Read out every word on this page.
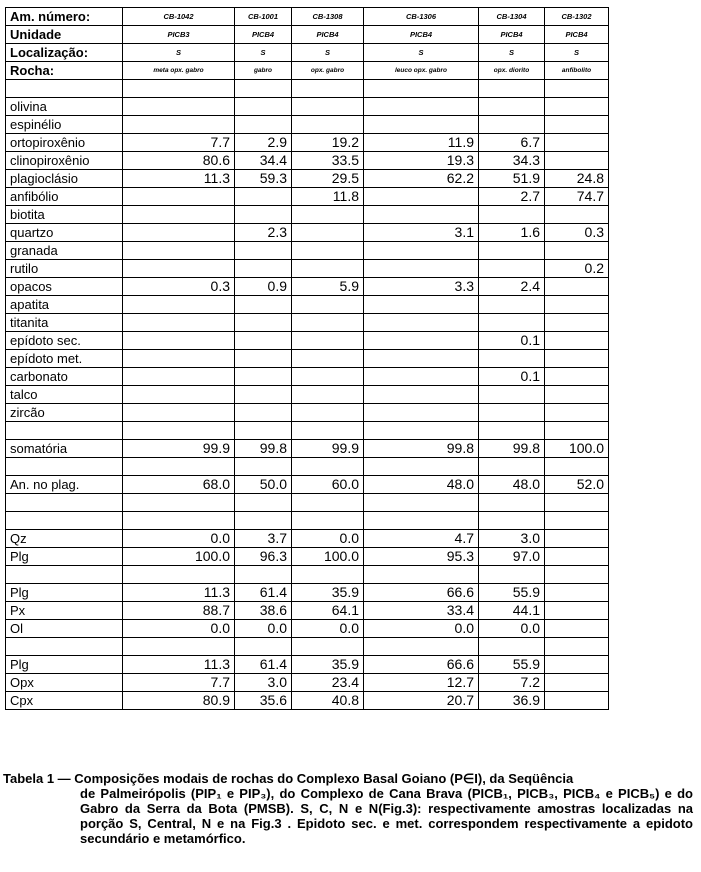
Am. número:	CB-1042	CB-1001	CB-1308	CB-1306	CB-1304	CB-1302
Unidade	PICB3	PICB4	PICB4	PICB4	PICB4	PICB4
Localização:	S	S	S	S	S	S
Rocha:	meta opx. gabro	gabro	opx. gabro	leuco opx. gabro	opx. diorito	anfibolito

olivina						
espinélio						
ortopiroxênio	7.7	2.9	19.2	11.9	6.7	
clinopiroxênio	80.6	34.4	33.5	19.3	34.3	
plagioclásio	11.3	59.3	29.5	62.2	51.9	24.8
anfibólio			11.8		2.7	74.7
biotita						
quartzo		2.3		3.1	1.6	0.3
granada						
rutilo						0.2
opacos	0.3	0.9	5.9	3.3	2.4	
apatita						
titanita						
epídoto sec.					0.1	
epídoto met.						
carbonato					0.1	
talco						
zircão						

somatória	99.9	99.8	99.9	99.8	99.8	100.0

An. no plag.	68.0	50.0	60.0	48.0	48.0	52.0

Qz	0.0	3.7	0.0	4.7	3.0	
Plg	100.0	96.3	100.0	95.3	97.0	

Plg	11.3	61.4	35.9	66.6	55.9	
Px	88.7	38.6	64.1	33.4	44.1	
Ol	0.0	0.0	0.0	0.0	0.0	

Plg	11.3	61.4	35.9	66.6	55.9	
Opx	7.7	3.0	23.4	12.7	7.2	
Cpx	80.9	35.6	40.8	20.7	36.9	
Tabela 1 — Composições modais de rochas do Complexo Basal Goiano (P∈I), da Seqüência
de Palmeirópolis (PIP₁ e PIP₃), do Complexo de Cana Brava (PICB₁, PICB₃, PICB₄ e PICB₅) e do Gabro da Serra da Bota (PMSB). S, C, N e N(Fig.3): respectivamente amostras localizadas na porção S, Central, N e na Fig.3 . Epidoto sec. e met. correspondem respectivamente a epidoto secundário e metamórfico.
